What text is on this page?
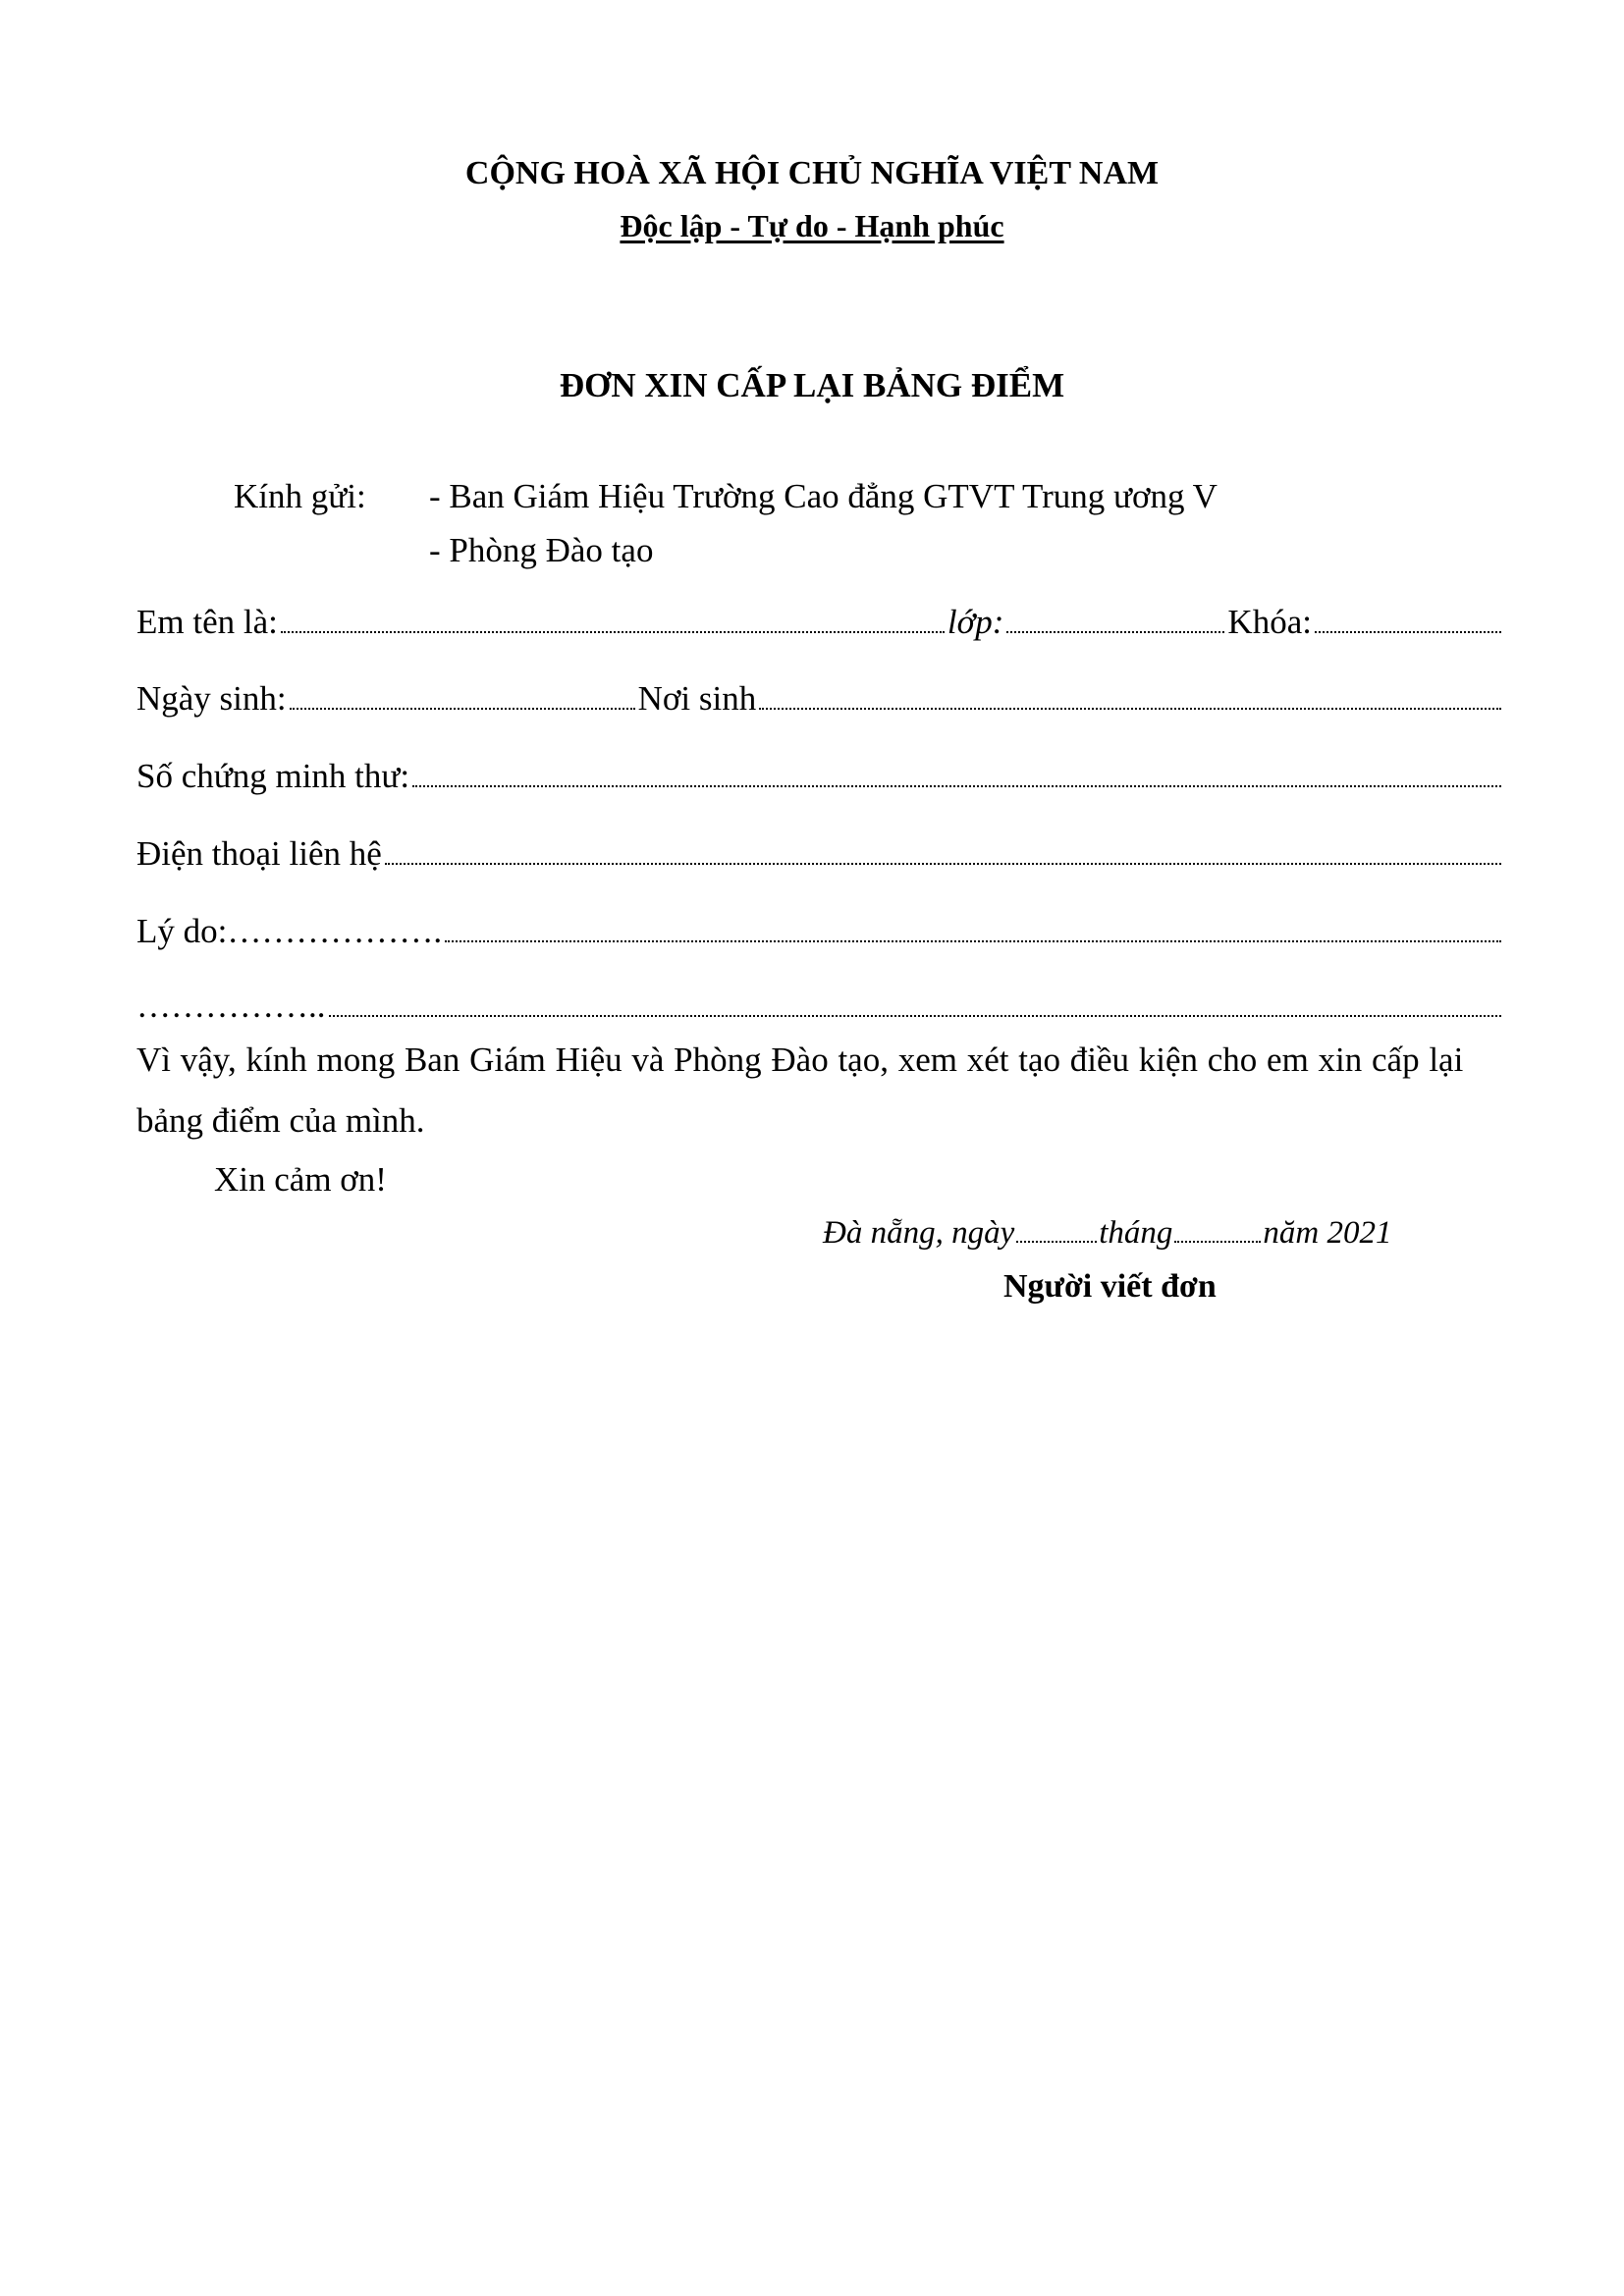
CỘNG HOÀ XÃ HỘI CHỦ NGHĨA VIỆT NAM
Độc lập - Tự do - Hạnh phúc
ĐƠN XIN CẤP LẠI BẢNG ĐIỂM
Kính gửi: - Ban Giám Hiệu Trường Cao đẳng GTVT Trung ương V
- Phòng Đào tạo
Em tên là:	lớp:	Khóa:
Ngày sinh:	Nơi sinh
Số chứng minh thư:
Điện thoại liên hệ
Lý do:……………….
……………..
Vì vậy, kính mong Ban Giám Hiệu và Phòng Đào tạo, xem xét tạo điều kiện cho em xin cấp lại
bảng điểm của mình.
Xin cảm ơn!
Đà nẵng, ngày	tháng	năm 2021
Người viết đơn
